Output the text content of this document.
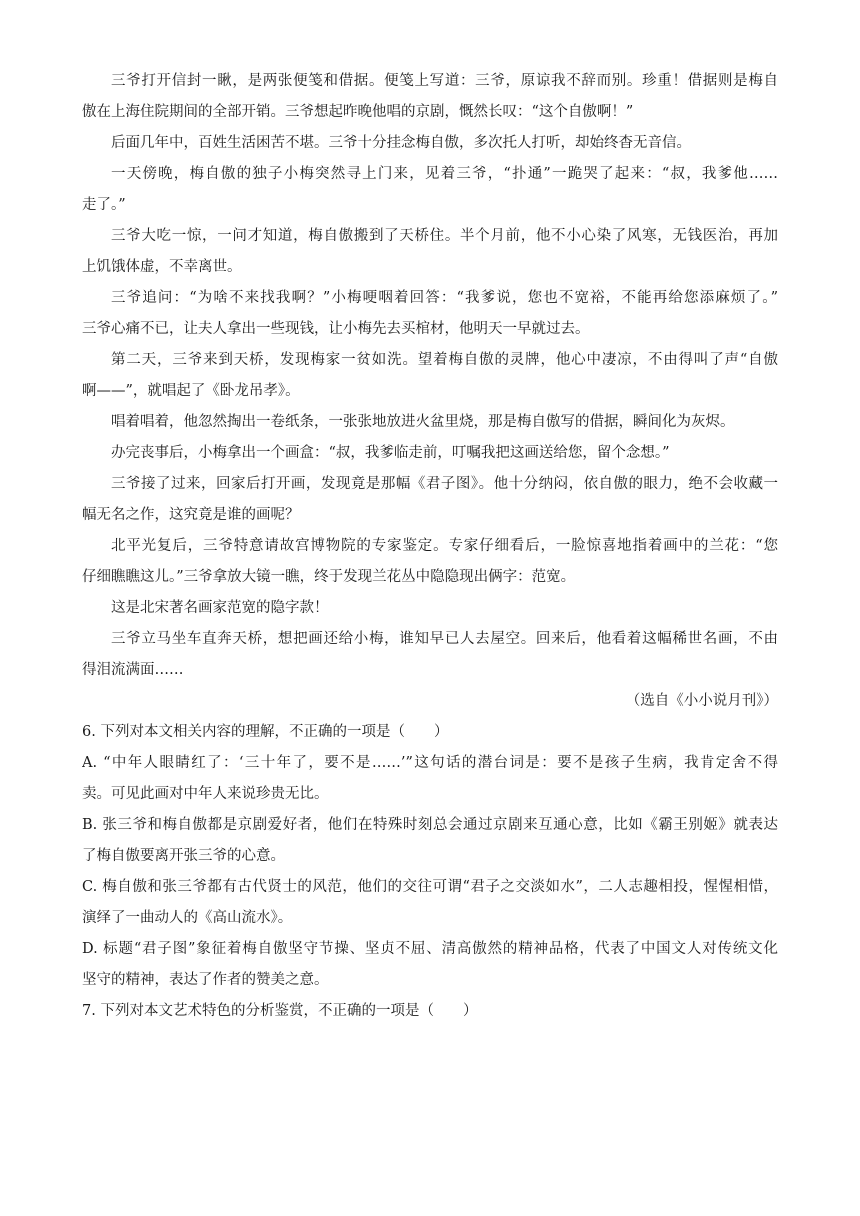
三爷打开信封一瞅，是两张便笺和借据。便笺上写道：三爷，原谅我不辞而别。珍重！借据则是梅自
傲在上海住院期间的全部开销。三爷想起昨晚他唱的京剧，慨然长叹：“这个自傲啊！”
后面几年中，百姓生活困苦不堪。三爷十分挂念梅自傲，多次托人打听，却始终杳无音信。
一天傍晚，梅自傲的独子小梅突然寻上门来，见着三爷，“扑通”一跪哭了起来：“叔，我爹他……
走了。”
三爷大吃一惊，一问才知道，梅自傲搬到了天桥住。半个月前，他不小心染了风寒，无钱医治，再加
上饥饿体虚，不幸离世。
三爷追问：“为啥不来找我啊？”小梅哽咽着回答：“我爹说，您也不宽裕，不能再给您添麻烦了。”
三爷心痛不已，让夫人拿出一些现钱，让小梅先去买棺材，他明天一早就过去。
第二天，三爷来到天桥，发现梅家一贫如洗。望着梅自傲的灵牌，他心中凄凉，不由得叫了声“自傲
啊——”，就唱起了《卧龙吊孝》。
唱着唱着，他忽然掏出一卷纸条，一张张地放进火盆里烧，那是梅自傲写的借据，瞬间化为灰烬。
办完丧事后，小梅拿出一个画盒：“叔，我爹临走前，叮嘱我把这画送给您，留个念想。”
三爷接了过来，回家后打开画，发现竟是那幅《君子图》。他十分纳闷，依自傲的眼力，绝不会收藏一
幅无名之作，这究竟是谁的画呢？
北平光复后，三爷特意请故宫博物院的专家鉴定。专家仔细看后，一脸惊喜地指着画中的兰花：“您
仔细瞧瞧这儿。”三爷拿放大镜一瞧，终于发现兰花丛中隐隐现出俩字：范宽。
这是北宋著名画家范宽的隐字款！
三爷立马坐车直奔天桥，想把画还给小梅，谁知早已人去屋空。回来后，他看着这幅稀世名画，不由
得泪流满面……
（选自《小小说月刊》）
6. 下列对本文相关内容的理解，不正确的一项是（　　）
A. “中年人眼睛红了：‘三十年了，要不是……’”这句话的潜台词是：要不是孩子生病，我肯定舍不得
卖。可见此画对中年人来说珍贵无比。
B. 张三爷和梅自傲都是京剧爱好者，他们在特殊时刻总会通过京剧来互通心意，比如《霸王别姬》就表达
了梅自傲要离开张三爷的心意。
C. 梅自傲和张三爷都有古代贤士的风范，他们的交往可谓“君子之交淡如水”，二人志趣相投，惺惺相惜，
演绎了一曲动人的《高山流水》。
D. 标题“君子图”象征着梅自傲坚守节操、坚贞不屈、清高傲然的精神品格，代表了中国文人对传统文化
坚守的精神，表达了作者的赞美之意。
7. 下列对本文艺术特色的分析鉴赏，不正确的一项是（　　）
